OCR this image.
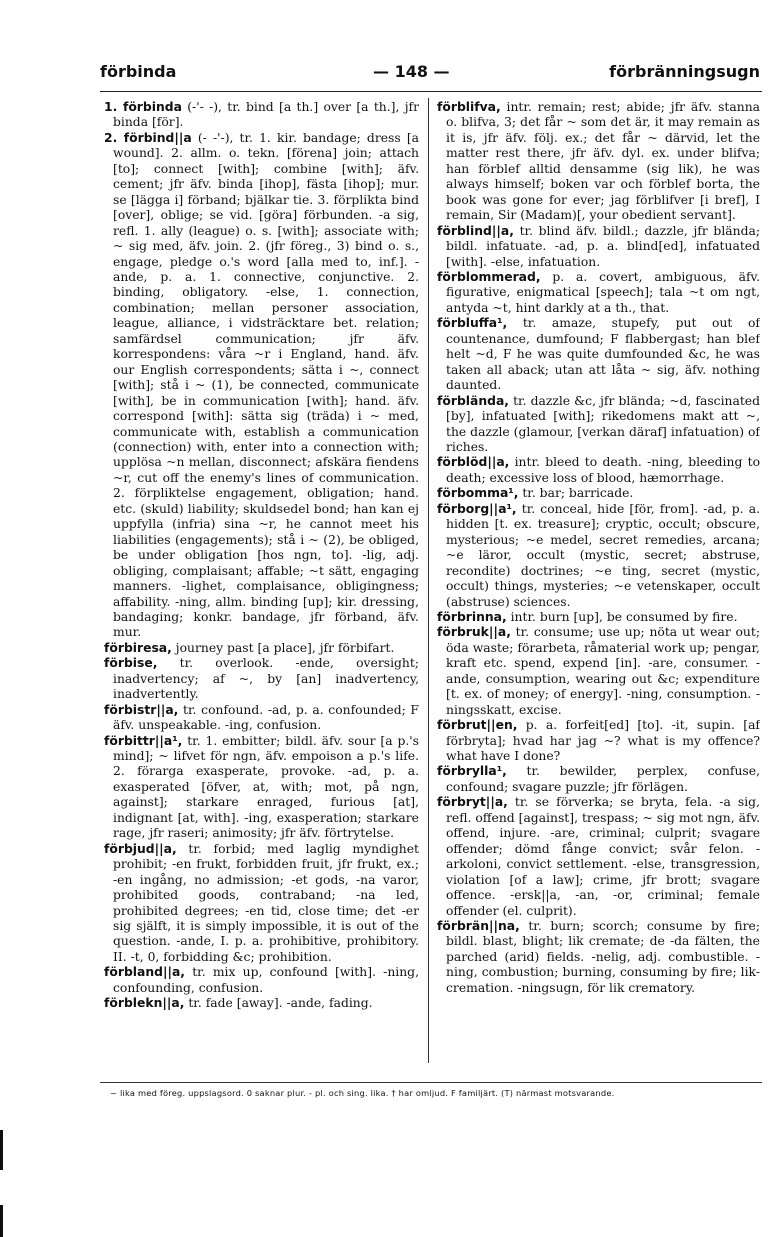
förbinda	— 148 —	förbränningsugn

1. förbinda (-'- -), tr. bind [a th.] over [a th.], jfr binda [för].

2. förbind||a (- -'-), tr. 1. kir. bandage; dress [a wound]. 2. allm. o. tekn. [förena] join; attach [to]; connect [with]; combine [with]; äfv. cement; jfr äfv. binda [ihop], fästa [ihop]; mur. se [lägga i] förband; bjälkar tie. 3. förplikta bind [over], oblige; se vid. [göra] förbunden. -a sig, refl. 1. ally (league) o. s. [with]; associate with; ~ sig med, äfv. join. 2. (jfr föreg., 3) bind o. s., engage, pledge o.'s word [alla med to, inf.]. -ande, p. a. 1. connective, conjunctive. 2. binding, obligatory. -else, 1. connection, combination; mellan personer association, league, alliance, i vidsträcktare bet. relation; samfärdsel communication; jfr äfv. korrespondens: våra ~r i England, hand. äfv. our English correspondents; sätta i ~, connect [with]; stå i ~ (1), be connected, communicate [with], be in communication [with]; hand. äfv. correspond [with]: sätta sig (träda) i ~ med, communicate with, establish a communication (connection) with, enter into a connection with; upplösa ~n mellan, disconnect; afskära fiendens ~r, cut off the enemy's lines of communication. 2. förpliktelse engagement, obligation; hand. etc. (skuld) liability; skuldsedel bond; han kan ej uppfylla (infria) sina ~r, he cannot meet his liabilities (engagements); stå i ~ (2), be obliged, be under obligation [hos ngn, to]. -lig, adj. obliging, complaisant; affable; ~t sätt, engaging manners. -lighet, complaisance, obligingness; affability. -ning, allm. binding [up]; kir. dressing, bandaging; konkr. bandage, jfr förband, äfv. mur.

förbiresa, journey past [a place], jfr förbifart.

förbise, tr. overlook. -ende, oversight; inadvertency; af ~, by [an] inadvertency, inadvertently.

förbistr||a, tr. confound. -ad, p. a. confounded; F äfv. unspeakable. -ing, confusion.

förbittr||a¹, tr. 1. embitter; bildl. äfv. sour [a p.'s mind]; ~ lifvet för ngn, äfv. empoison a p.'s life. 2. förarga exasperate, provoke. -ad, p. a. exasperated [öfver, at, with; mot, på ngn, against]; starkare enraged, furious [at], indignant [at, with]. -ing, exasperation; starkare rage, jfr raseri; animosity; jfr äfv. förtrytelse.

förbjud||a, tr. forbid; med laglig myndighet prohibit; -en frukt, forbidden fruit, jfr frukt, ex.; -en ingång, no admission; -et gods, -na varor, prohibited goods, contraband; -na led, prohibited degrees; -en tid, close time; det -er sig själft, it is simply impossible, it is out of the question. -ande, I. p. a. prohibitive, prohibitory. II. -t, 0, forbidding &c; prohibition.

förbland||a, tr. mix up, confound [with]. -ning, confounding, confusion.

förblekn||a, tr. fade [away]. -ande, fading.

förblifva, intr. remain; rest; abide; jfr äfv. stanna o. blifva, 3; det får ~ som det är, it may remain as it is, jfr äfv. följ. ex.; det får ~ därvid, let the matter rest there, jfr äfv. dyl. ex. under blifva; han förblef alltid densamme (sig lik), he was always himself; boken var och förblef borta, the book was gone for ever; jag förblifver [i bref], I remain, Sir (Madam)[, your obedient servant].

förblind||a, tr. blind äfv. bildl.; dazzle, jfr blända; bildl. infatuate. -ad, p. a. blind[ed], infatuated [with]. -else, infatuation.

förblommerad, p. a. covert, ambiguous, äfv. figurative, enigmatical [speech]; tala ~t om ngt, antyda ~t, hint darkly at a th., that.

förbluffa¹, tr. amaze, stupefy, put out of countenance, dumfound; F flabbergast; han blef helt ~d, F he was quite dumfounded &c, he was taken all aback; utan att låta ~ sig, äfv. nothing daunted.

förblända, tr. dazzle &c, jfr blända; ~d, fascinated [by], infatuated [with]; rikedomens makt att ~, the dazzle (glamour, [verkan däraf] infatuation) of riches.

förblöd||a, intr. bleed to death. -ning, bleeding to death; excessive loss of blood, hæmorrhage.

förbomma¹, tr. bar; barricade.

förborg||a¹, tr. conceal, hide [för, from]. -ad, p. a. hidden [t. ex. treasure]; cryptic, occult; obscure, mysterious; ~e medel, secret remedies, arcana; ~e läror, occult (mystic, secret; abstruse, recondite) doctrines; ~e ting, secret (mystic, occult) things, mysteries; ~e vetenskaper, occult (abstruse) sciences.

förbrinna, intr. burn [up], be consumed by fire.

förbruk||a, tr. consume; use up; nöta ut wear out; öda waste; förarbeta, råmaterial work up; pengar, kraft etc. spend, expend [in]. -are, consumer. -ande, consumption, wearing out &c; expenditure [t. ex. of money; of energy]. -ning, consumption. -ningsskatt, excise.

förbrut||en, p. a. forfeit[ed] [to]. -it, supin. [af förbryta]; hvad har jag ~? what is my offence? what have I done?

förbrylla¹, tr. bewilder, perplex, confuse, confound; svagare puzzle; jfr förlägen.

förbryt||a, tr. se förverka; se bryta, fela. -a sig, refl. offend [against], trespass; ~ sig mot ngn, äfv. offend, injure. -are, criminal; culprit; svagare offender; dömd fånge convict; svår felon. -arkoloni, convict settlement. -else, transgression, violation [of a law]; crime, jfr brott; svagare offence. -ersk||a, -an, -or, criminal; female offender (el. culprit).

förbrän||na, tr. burn; scorch; consume by fire; bildl. blast, blight; lik cremate; de -da fälten, the parched (arid) fields. -nelig, adj. combustible. -ning, combustion; burning, consuming by fire; lik- cremation. -ningsugn, för lik crematory.

~ lika med föreg. uppslagsord. 0 saknar plur. - pl. och sing. lika. † har omljud. F familjärt. (T) närmast motsvarande.
